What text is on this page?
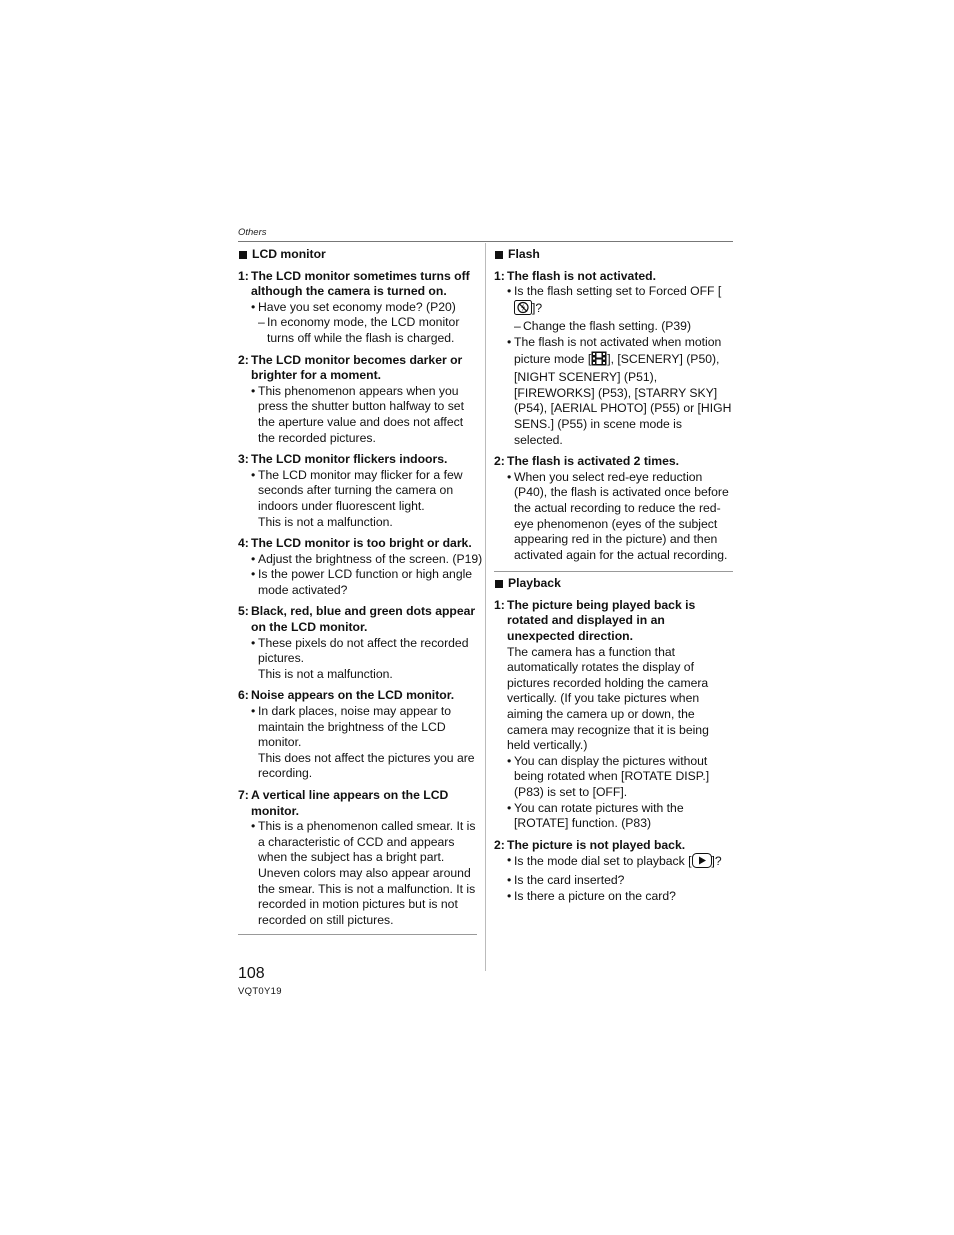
Others
LCD monitor
1: The LCD monitor sometimes turns off although the camera is turned on.
• Have you set economy mode? (P20)
– In economy mode, the LCD monitor turns off while the flash is charged.
2: The LCD monitor becomes darker or brighter for a moment.
• This phenomenon appears when you press the shutter button halfway to set the aperture value and does not affect the recorded pictures.
3: The LCD monitor flickers indoors.
• The LCD monitor may flicker for a few seconds after turning the camera on indoors under fluorescent light.
This is not a malfunction.
4: The LCD monitor is too bright or dark.
• Adjust the brightness of the screen. (P19)
• Is the power LCD function or high angle mode activated?
5: Black, red, blue and green dots appear on the LCD monitor.
• These pixels do not affect the recorded pictures.
This is not a malfunction.
6: Noise appears on the LCD monitor.
• In dark places, noise may appear to maintain the brightness of the LCD monitor.
This does not affect the pictures you are recording.
7: A vertical line appears on the LCD monitor.
• This is a phenomenon called smear. It is a characteristic of CCD and appears when the subject has a bright part. Uneven colors may also appear around the smear. This is not a malfunction. It is recorded in motion pictures but is not recorded on still pictures.
Flash
1: The flash is not activated.
• Is the flash setting set to Forced OFF []?
– Change the flash setting. (P39)
• The flash is not activated when motion picture mode [ ], [SCENERY] (P50), [NIGHT SCENERY] (P51), [FIREWORKS] (P53), [STARRY SKY] (P54), [AERIAL PHOTO] (P55) or [HIGH SENS.] (P55) in scene mode is selected.
2: The flash is activated 2 times.
• When you select red-eye reduction (P40), the flash is activated once before the actual recording to reduce the red-eye phenomenon (eyes of the subject appearing red in the picture) and then activated again for the actual recording.
Playback
1: The picture being played back is rotated and displayed in an unexpected direction.
The camera has a function that automatically rotates the display of pictures recorded holding the camera vertically. (If you take pictures when aiming the camera up or down, the camera may recognize that it is being held vertically.)
• You can display the pictures without being rotated when [ROTATE DISP.] (P83) is set to [OFF].
• You can rotate pictures with the [ROTATE] function. (P83)
2: The picture is not played back.
• Is the mode dial set to playback [ ]?
• Is the card inserted?
• Is there a picture on the card?
108
VQT0Y19
